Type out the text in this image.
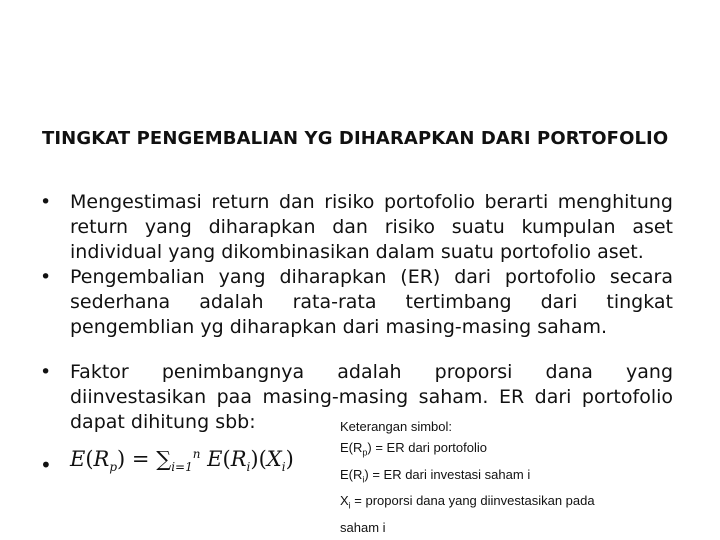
TINGKAT PENGEMBALIAN YG DIHARAPKAN DARI PORTOFOLIO
• Mengestimasi return dan risiko portofolio berarti menghitung return yang diharapkan dan risiko suatu kumpulan aset individual yang dikombinasikan dalam suatu portofolio aset.
• Pengembalian yang diharapkan (ER) dari portofolio secara sederhana adalah rata-rata tertimbang dari tingkat pengemblian yg diharapkan dari masing-masing saham.
• Faktor penimbangnya adalah proporsi dana yang diinvestasikan paa masing-masing saham. ER dari portofolio dapat dihitung sbb:
• $E(R_p) = \sum_{i=1}^n$ $E(R_i)(X_i)$
Keterangan simbol:
$E(R_p)$ = ER dari portofolio
$E(R_i)$ = ER dari investasi saham i
$X_i$ = proporsi dana yang diinvestasikan pada
saham i
